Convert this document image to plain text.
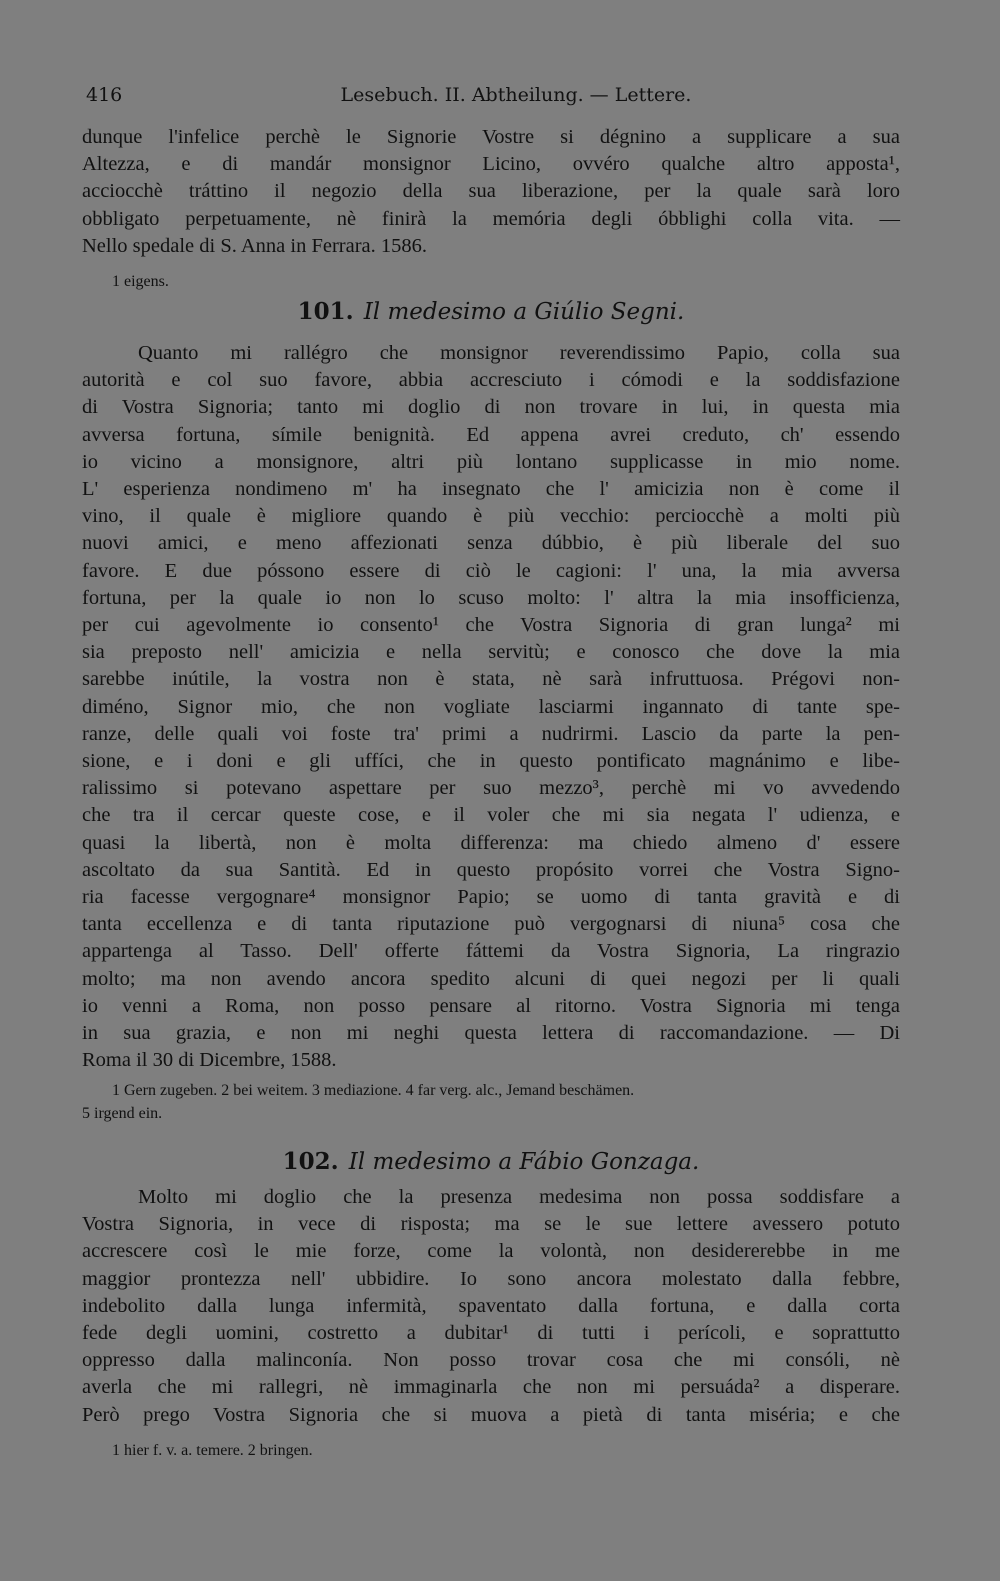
416	Lesebuch. II. Abtheilung. — Lettere.
dunque l'infelice perchè le Signorie Vostre si dégnino a supplicare a sua
Altezza, e di mandár monsignor Licino, ovvéro qualche altro apposta¹,
acciocchè tráttino il negozio della sua liberazione, per la quale sarà loro
obbligato perpetuamente, nè finirà la memória degli óbblighi colla vita. —
Nello spedale di S. Anna in Ferrara. 1586.
1 eigens.
101. Il medesimo a Giúlio Segni.
Quanto mi rallégro che monsignor reverendissimo Papio, colla sua
autorità e col suo favore, abbia accresciuto i cómodi e la soddisfazione
di Vostra Signoria; tanto mi doglio di non trovare in lui, in questa mia
avversa fortuna, símile benignità. Ed appena avrei creduto, ch' essendo
io vicino a monsignore, altri più lontano supplicasse in mio nome.
L' esperienza nondimeno m' ha insegnato che l' amicizia non è come il
vino, il quale è migliore quando è più vecchio: perciocchè a molti più
nuovi amici, e meno affezionati senza dúbbio, è più liberale del suo
favore. E due póssono essere di ciò le cagioni: l' una, la mia avversa
fortuna, per la quale io non lo scuso molto: l' altra la mia insofficienza,
per cui agevolmente io consento¹ che Vostra Signoria di gran lunga² mi
sia preposto nell' amicizia e nella servitù; e conosco che dove la mia
sarebbe inútile, la vostra non è stata, nè sarà infruttuosa. Prégovi non-
diméno, Signor mio, che non vogliate lasciarmi ingannato di tante spe-
ranze, delle quali voi foste tra' primi a nudrirmi. Lascio da parte la pen-
sione, e i doni e gli uffíci, che in questo pontificato magnánimo e libe-
ralissimo si potevano aspettare per suo mezzo³, perchè mi vo avvedendo
che tra il cercar queste cose, e il voler che mi sia negata l' udienza, e
quasi la libertà, non è molta differenza: ma chiedo almeno d' essere
ascoltato da sua Santità. Ed in questo propósito vorrei che Vostra Signo-
ria facesse vergognare⁴ monsignor Papio; se uomo di tanta gravità e di
tanta eccellenza e di tanta riputazione può vergognarsi di niuna⁵ cosa che
appartenga al Tasso. Dell' offerte fáttemi da Vostra Signoria, La ringrazio
molto; ma non avendo ancora spedito alcuni di quei negozi per li quali
io venni a Roma, non posso pensare al ritorno. Vostra Signoria mi tenga
in sua grazia, e non mi neghi questa lettera di raccomandazione. — Di
Roma il 30 di Dicembre, 1588.
1 Gern zugeben. 2 bei weitem. 3 mediazione. 4 far verg. alc., Jemand beschämen.
5 irgend ein.
102. Il medesimo a Fábio Gonzaga.
Molto mi doglio che la presenza medesima non possa soddisfare a
Vostra Signoria, in vece di risposta; ma se le sue lettere avessero potuto
accrescere così le mie forze, come la volontà, non desidererebbe in me
maggior prontezza nell' ubbidire. Io sono ancora molestato dalla febbre,
indebolito dalla lunga infermità, spaventato dalla fortuna, e dalla corta
fede degli uomini, costretto a dubitar¹ di tutti i perícoli, e soprattutto
oppresso dalla malinconía. Non posso trovar cosa che mi consóli, nè
averla che mi rallegri, nè immaginarla che non mi persuáda² a disperare.
Però prego Vostra Signoria che si muova a pietà di tanta miséria; e che
1 hier f. v. a. temere. 2 bringen.
